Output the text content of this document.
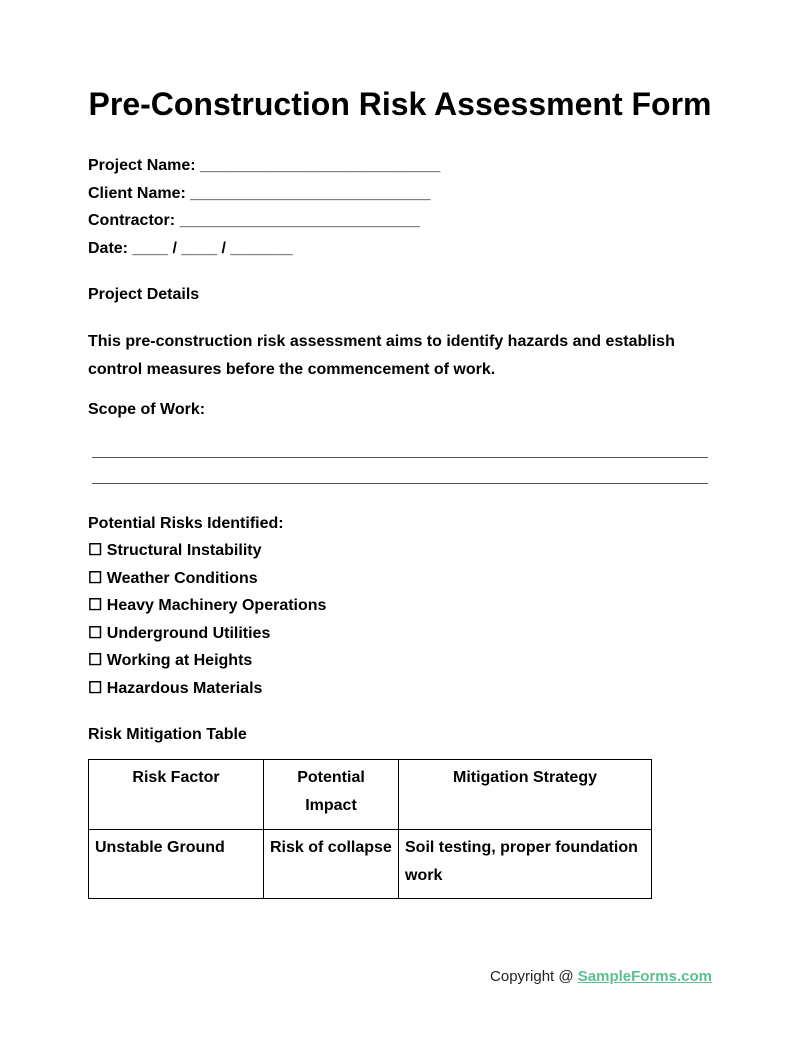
Pre-Construction Risk Assessment Form
Project Name: ___________________________
Client Name: ___________________________
Contractor: ___________________________
Date: ____ / ____ / _______
Project Details
This pre-construction risk assessment aims to identify hazards and establish control measures before the commencement of work.
Scope of Work:
Potential Risks Identified:
☐ Structural Instability
☐ Weather Conditions
☐ Heavy Machinery Operations
☐ Underground Utilities
☐ Working at Heights
☐ Hazardous Materials
Risk Mitigation Table
Risk Factor	Potential Impact	Mitigation Strategy
Unstable Ground	Risk of collapse	Soil testing, proper foundation work
Copyright @ SampleForms.com
